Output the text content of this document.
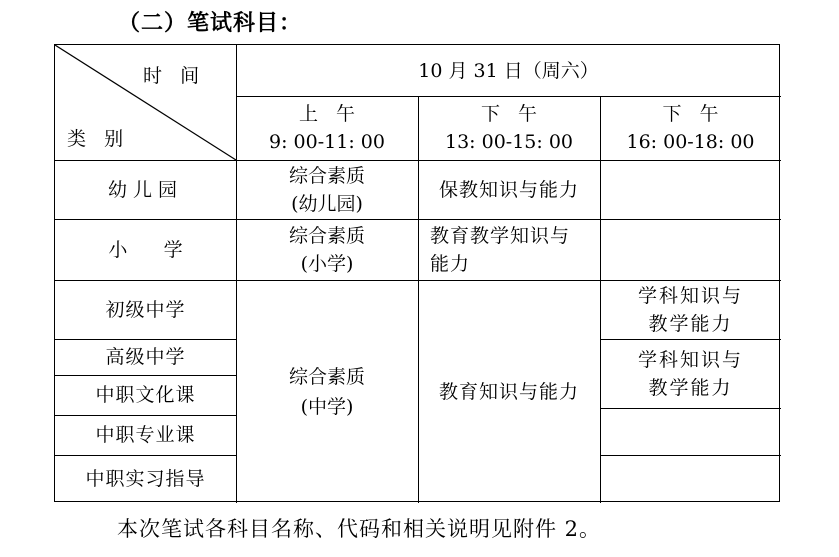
（二）笔试科目：
时   间
类   别
10 月 31 日（周六）
上   午
9: 00-11: 00
下   午
13: 00-15: 00
下   午
16: 00-18: 00
幼儿园
小      学
初级中学
高级中学
中职文化课
中职专业课
中职实习指导
综合素质
(幼儿园)
保教知识与能力
综合素质
(小学)
教育教学知识与
能力
综合素质
(中学)
教育知识与能力
学科知识与
教学能力
学科知识与
教学能力
本次笔试各科目名称、代码和相关说明见附件 2。
